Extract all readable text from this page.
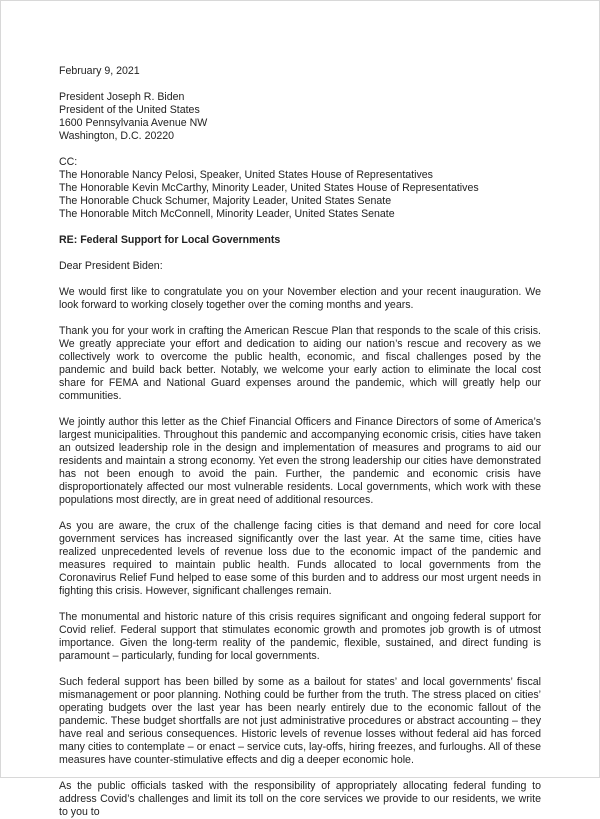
February 9, 2021

President Joseph R. Biden
President of the United States
1600 Pennsylvania Avenue NW
Washington, D.C. 20220
CC:
The Honorable Nancy Pelosi, Speaker, United States House of Representatives
The Honorable Kevin McCarthy, Minority Leader, United States House of Representatives
The Honorable Chuck Schumer, Majority Leader, United States Senate
The Honorable Mitch McConnell, Minority Leader, United States Senate

RE: Federal Support for Local Governments

Dear President Biden:

We would first like to congratulate you on your November election and your recent inauguration. We look forward to working closely together over the coming months and years.

Thank you for your work in crafting the American Rescue Plan that responds to the scale of this crisis. We greatly appreciate your effort and dedication to aiding our nation’s rescue and recovery as we collectively work to overcome the public health, economic, and fiscal challenges posed by the pandemic and build back better. Notably, we welcome your early action to eliminate the local cost share for FEMA and National Guard expenses around the pandemic, which will greatly help our communities.

We jointly author this letter as the Chief Financial Officers and Finance Directors of some of America’s largest municipalities. Throughout this pandemic and accompanying economic crisis, cities have taken an outsized leadership role in the design and implementation of measures and programs to aid our residents and maintain a strong economy. Yet even the strong leadership our cities have demonstrated has not been enough to avoid the pain. Further, the pandemic and economic crisis have disproportionately affected our most vulnerable residents. Local governments, which work with these populations most directly, are in great need of additional resources.

As you are aware, the crux of the challenge facing cities is that demand and need for core local government services has increased significantly over the last year. At the same time, cities have realized unprecedented levels of revenue loss due to the economic impact of the pandemic and measures required to maintain public health. Funds allocated to local governments from the Coronavirus Relief Fund helped to ease some of this burden and to address our most urgent needs in fighting this crisis. However, significant challenges remain.

The monumental and historic nature of this crisis requires significant and ongoing federal support for Covid relief. Federal support that stimulates economic growth and promotes job growth is of utmost importance. Given the long-term reality of the pandemic, flexible, sustained, and direct funding is paramount – particularly, funding for local governments.

Such federal support has been billed by some as a bailout for states’ and local governments’ fiscal mismanagement or poor planning. Nothing could be further from the truth. The stress placed on cities’ operating budgets over the last year has been nearly entirely due to the economic fallout of the pandemic. These budget shortfalls are not just administrative procedures or abstract accounting – they have real and serious consequences. Historic levels of revenue losses without federal aid has forced many cities to contemplate – or enact – service cuts, lay-offs, hiring freezes, and furloughs. All of these measures have counter-stimulative effects and dig a deeper economic hole.

As the public officials tasked with the responsibility of appropriately allocating federal funding to address Covid’s challenges and limit its toll on the core services we provide to our residents, we write to you to
